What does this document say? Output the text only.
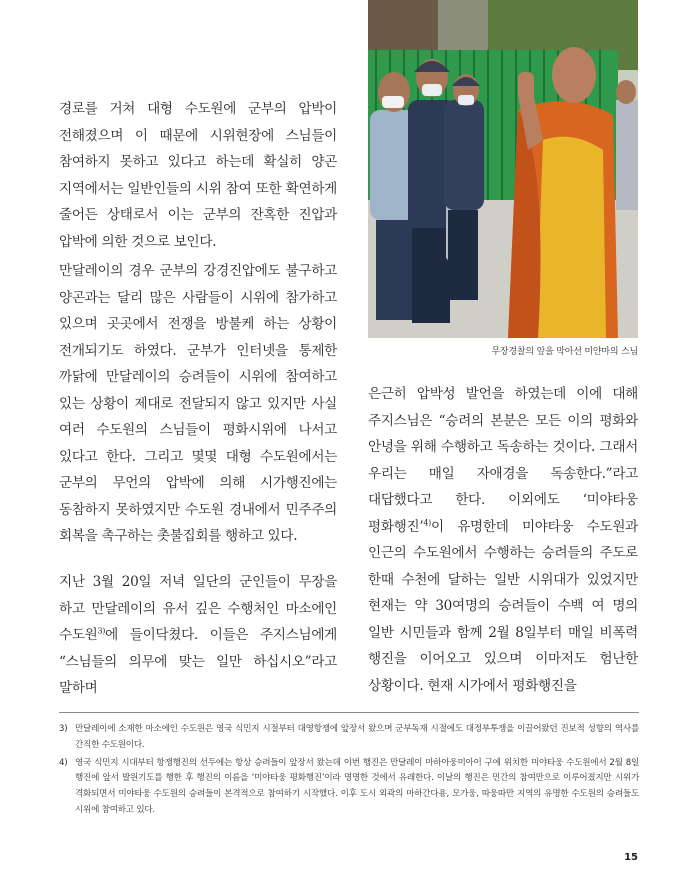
경로를 거쳐 대형 수도원에 군부의 압박이 전해졌으며 이 때문에 시위현장에 스님들이 참여하지 못하고 있다고 하는데 확실히 양곤 지역에서는 일반인들의 시위 참여 또한 확연하게 줄어든 상태로서 이는 군부의 잔혹한 진압과 압박에 의한 것으로 보인다.

만달레이의 경우 군부의 강경진압에도 불구하고 양곤과는 달리 많은 사람들이 시위에 참가하고 있으며 곳곳에서 전쟁을 방불케 하는 상황이 전개되기도 하였다. 군부가 인터넷을 통제한 까닭에 만달레이의 승려들이 시위에 참여하고 있는 상황이 제대로 전달되지 않고 있지만 사실 여러 수도원의 스님들이 평화시위에 나서고 있다고 한다. 그리고 몇몇 대형 수도원에서는 군부의 무언의 압박에 의해 시가행진에는 동참하지 못하였지만 수도원 경내에서 민주주의 회복을 촉구하는 촛불집회를 행하고 있다.

지난 3월 20일 저녁 일단의 군인들이 무장을 하고 만달레이의 유서 깊은 수행처인 마소에인 수도원$^{3)}$에 들이닥쳤다. 이들은 주지스님에게 “스님들의 의무에 맞는 일만 하십시오”라고 말하며

무장경찰의 앞을 막아선 미얀마의 스님

은근히 압박성 발언을 하였는데 이에 대해 주지스님은 “승려의 본분은 모든 이의 평화와 안녕을 위해 수행하고 독송하는 것이다. 그래서 우리는 매일 자애경을 독송한다.”라고 대답했다고 한다. 이외에도 ‘미야타웅 평화행진’$^{4)}$이 유명한데 미야타웅 수도원과 인근의 수도원에서 수행하는 승려들의 주도로 한때 수천에 달하는 일반 시위대가 있었지만 현재는 약 30여명의 승려들이 수백 여 명의 일반 시민들과 함께 2월 8일부터 매일 비폭력 행진을 이어오고 있으며 이마저도 험난한 상황이다. 현재 시가에서 평화행진을

3) 만달레이에 소재한 마소에인 수도원은 영국 식민지 시절부터 대영항쟁에 앞장서 왔으며 군부독재 시절에도 대정부투쟁을 이끌어왔던 진보적 성향의 역사를 간직한 수도원이다.
4) 영국 식민지 시대부터 항쟁행진의 선두에는 항상 승려들이 앞장서 왔는데 이번 행진은 만달레이 마하아웅미아이 구에 위치한 미야타웅 수도원에서 2월 8일 행진에 앞서 발원기도를 행한 후 행진의 이름을 ‘미야타웅 평화행진’이라 명명한 것에서 유래한다. 이날의 행진은 민간의 참여만으로 이루어졌지만 시위가 격화되면서 미야타웅 수도원의 승려들이 본격적으로 참여하기 시작했다. 이후 도시 외곽의 마하간다용, 모가웅, 따웅따만 지역의 유명한 수도원의 승려들도 시위에 참여하고 있다.
15
